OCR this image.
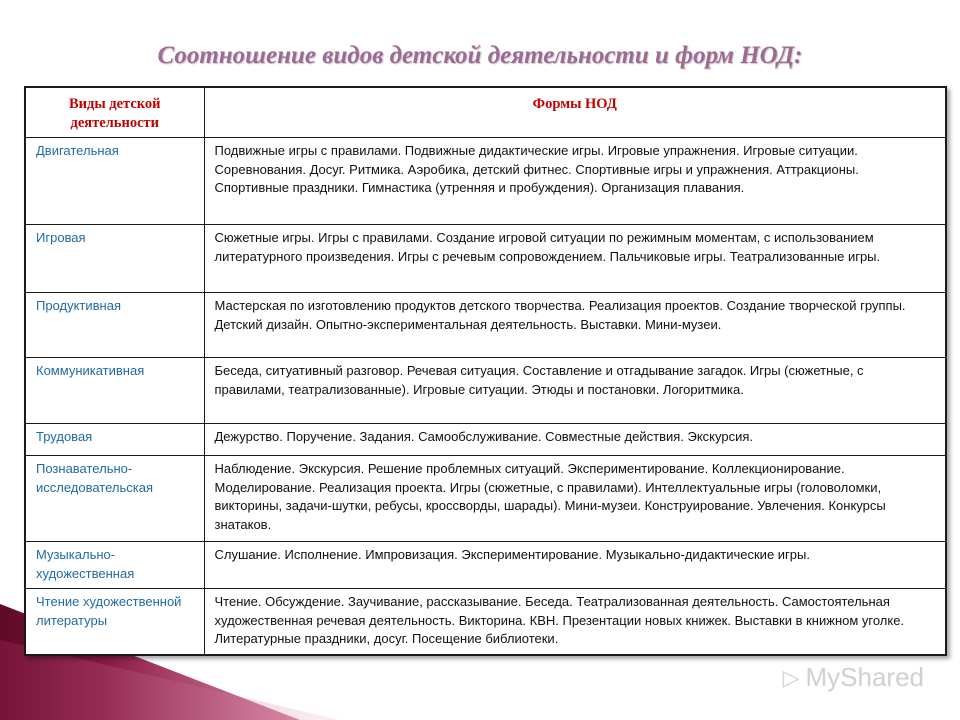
Соотношение видов детской деятельности и форм НОД:
Виды детской деятельности	Формы НОД
Двигательная	Подвижные игры с правилами. Подвижные дидактические игры. Игровые упражнения. Игровые ситуации. Соревнования. Досуг. Ритмика. Аэробика, детский фитнес. Спортивные игры и упражнения. Аттракционы. Спортивные праздники. Гимнастика (утренняя и пробуждения). Организация плавания.
Игровая	Сюжетные игры. Игры с правилами. Создание игровой ситуации по режимным моментам, с использованием литературного произведения. Игры с речевым сопровождением. Пальчиковые игры. Театрализованные игры.
Продуктивная	Мастерская по изготовлению продуктов детского творчества. Реализация проектов. Создание творческой группы. Детский дизайн. Опытно-экспериментальная деятельность. Выставки. Мини-музеи.
Коммуникативная	Беседа, ситуативный разговор. Речевая ситуация. Составление и отгадывание загадок. Игры (сюжетные, с правилами, театрализованные). Игровые ситуации. Этюды и постановки. Логоритмика.
Трудовая	Дежурство. Поручение. Задания. Самообслуживание. Совместные действия. Экскурсия.
Познавательно-исследовательская	Наблюдение. Экскурсия. Решение проблемных ситуаций. Экспериментирование. Коллекционирование. Моделирование. Реализация проекта. Игры (сюжетные, с правилами). Интеллектуальные игры (головоломки, викторины, задачи-шутки, ребусы, кроссворды, шарады). Мини-музеи. Конструирование. Увлечения. Конкурсы знатаков.
Музыкально-художественная	Слушание. Исполнение. Импровизация. Экспериментирование. Музыкально-дидактические игры.
Чтение художественной литературы	Чтение. Обсуждение. Заучивание, рассказывание. Беседа. Театрализованная деятельность. Самостоятельная художественная речевая деятельность. Викторина. КВН. Презентации новых книжек. Выставки в книжном уголке. Литературные праздники, досуг. Посещение библиотеки.
▷ MyShared
